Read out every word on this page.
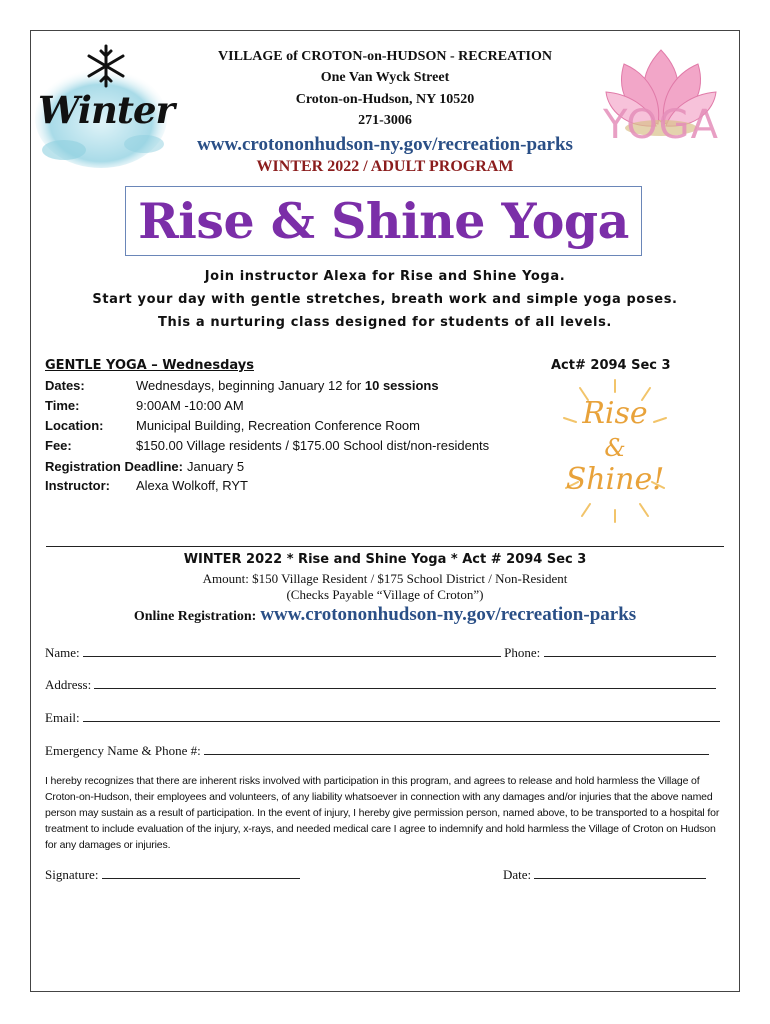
Winter	YOGA
VILLAGE of CROTON-on-HUDSON - RECREATION
One Van Wyck Street
Croton-on-Hudson, NY 10520
271-3006
www.crotononhudson-ny.gov/recreation-parks
WINTER 2022 / ADULT PROGRAM
Rise & Shine Yoga
Join instructor Alexa for Rise and Shine Yoga.
Start your day with gentle stretches, breath work and simple yoga poses.
This a nurturing class designed for students of all levels.
GENTLE YOGA – Wednesdays	Act# 2094 Sec 3
Dates:	Wednesdays, beginning January 12 for 10 sessions
Time:	9:00AM -10:00 AM
Location:	Municipal Building, Recreation Conference Room
Fee:	$150.00 Village residents / $175.00 School dist/non-residents
Registration Deadline: January 5
Instructor: Alexa Wolkoff, RYT
Rise
&
Shine!
WINTER 2022 * Rise and Shine Yoga * Act # 2094 Sec 3
Amount: $150 Village Resident / $175 School District / Non-Resident
(Checks Payable “Village of Croton”)
Online Registration: www.crotononhudson-ny.gov/recreation-parks
Name:	Phone:
Address:
Email:
Emergency Name & Phone #:
I hereby recognizes that there are inherent risks involved with participation in this program, and agrees to release and hold harmless the Village of Croton-on-Hudson, their employees and volunteers, of any liability whatsoever in connection with any damages and/or injuries that the above named person may sustain as a result of participation. In the event of injury, I hereby give permission person, named above, to be transported to a hospital for treatment to include evaluation of the injury, x-rays, and needed medical care I agree to indemnify and hold harmless the Village of Croton on Hudson for any damages or injuries.
Signature:	Date:
